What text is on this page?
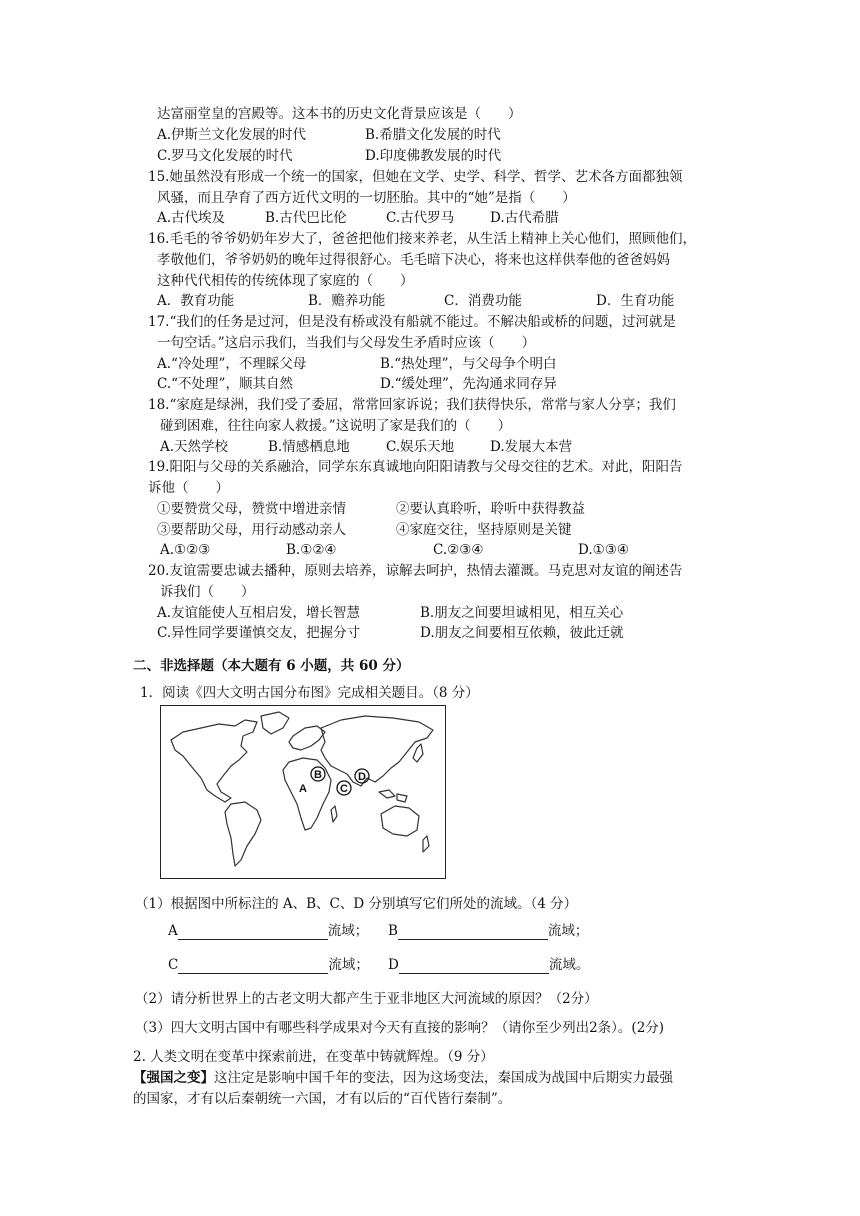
达富丽堂皇的宫殿等。这本书的历史文化背景应该是（　　）
A.伊斯兰文化发展的时代	B.希腊文化发展的时代
C.罗马文化发展的时代	D.印度佛教发展的时代
15.她虽然没有形成一个统一的国家，但她在文学、史学、科学、哲学、艺术各方面都独领
风骚，而且孕育了西方近代文明的一切胚胎。其中的“她”是指（　　）
A.古代埃及	B.古代巴比伦	C.古代罗马	D.古代希腊
16.毛毛的爷爷奶奶年岁大了，爸爸把他们接来养老，从生活上精神上关心他们，照顾他们，
孝敬他们，爷爷奶奶的晚年过得很舒心。毛毛暗下决心，将来也这样供奉他的爸爸妈妈
这种代代相传的传统体现了家庭的（　　）
A．教育功能	B．赡养功能	C．消费功能	D．生育功能
17.“我们的任务是过河，但是没有桥或没有船就不能过。不解决船或桥的问题，过河就是
一句空话。”这启示我们，当我们与父母发生矛盾时应该（　　）
A.“冷处理”，不理睬父母	B.“热处理”，与父母争个明白
C.“不处理”，顺其自然	D.“缓处理”，先沟通求同存异
18.“家庭是绿洲，我们受了委屈，常常回家诉说；我们获得快乐，常常与家人分享；我们
碰到困难，往往向家人救援。”这说明了家是我们的（　　）
A.天然学校	B.情感栖息地	C.娱乐天地	D.发展大本营
19.阳阳与父母的关系融洽，同学东东真诚地向阳阳请教与父母交往的艺术。对此，阳阳告
诉他（　　）
①要赞赏父母，赞赏中增进亲情	②要认真聆听，聆听中获得教益
③要帮助父母，用行动感动亲人	④家庭交往，坚持原则是关键
A.①②③	B.①②④	C.②③④	D.①③④
20.友谊需要忠诚去播种，原则去培养，谅解去呵护，热情去灌溉。马克思对友谊的阐述告
诉我们（　　）
A.友谊能使人互相启发，增长智慧	B.朋友之间要坦诚相见，相互关心
C.异性同学要谨慎交友，把握分寸	D.朋友之间要相互依赖，彼此迁就
二、非选择题（本大题有 6 小题，共 60 分）
1．阅读《四大文明古国分布图》完成相关题目。（8 分）
A
B
C
D
（1）根据图中所标注的 A、B、C、D 分别填写它们所处的流域。（4 分）
A	流域； B	流域；
C	流域； D	流域。
（2）请分析世界上的古老文明大都产生于亚非地区大河流域的原因？（2分）
（3）四大文明古国中有哪些科学成果对今天有直接的影响？（请你至少列出2条）。(2分)
2. 人类文明在变革中探索前进，在变革中铸就辉煌。（9 分）
【强国之变】这注定是影响中国千年的变法，因为这场变法，秦国成为战国中后期实力最强
的国家，才有以后秦朝统一六国，才有以后的“百代皆行秦制”。
